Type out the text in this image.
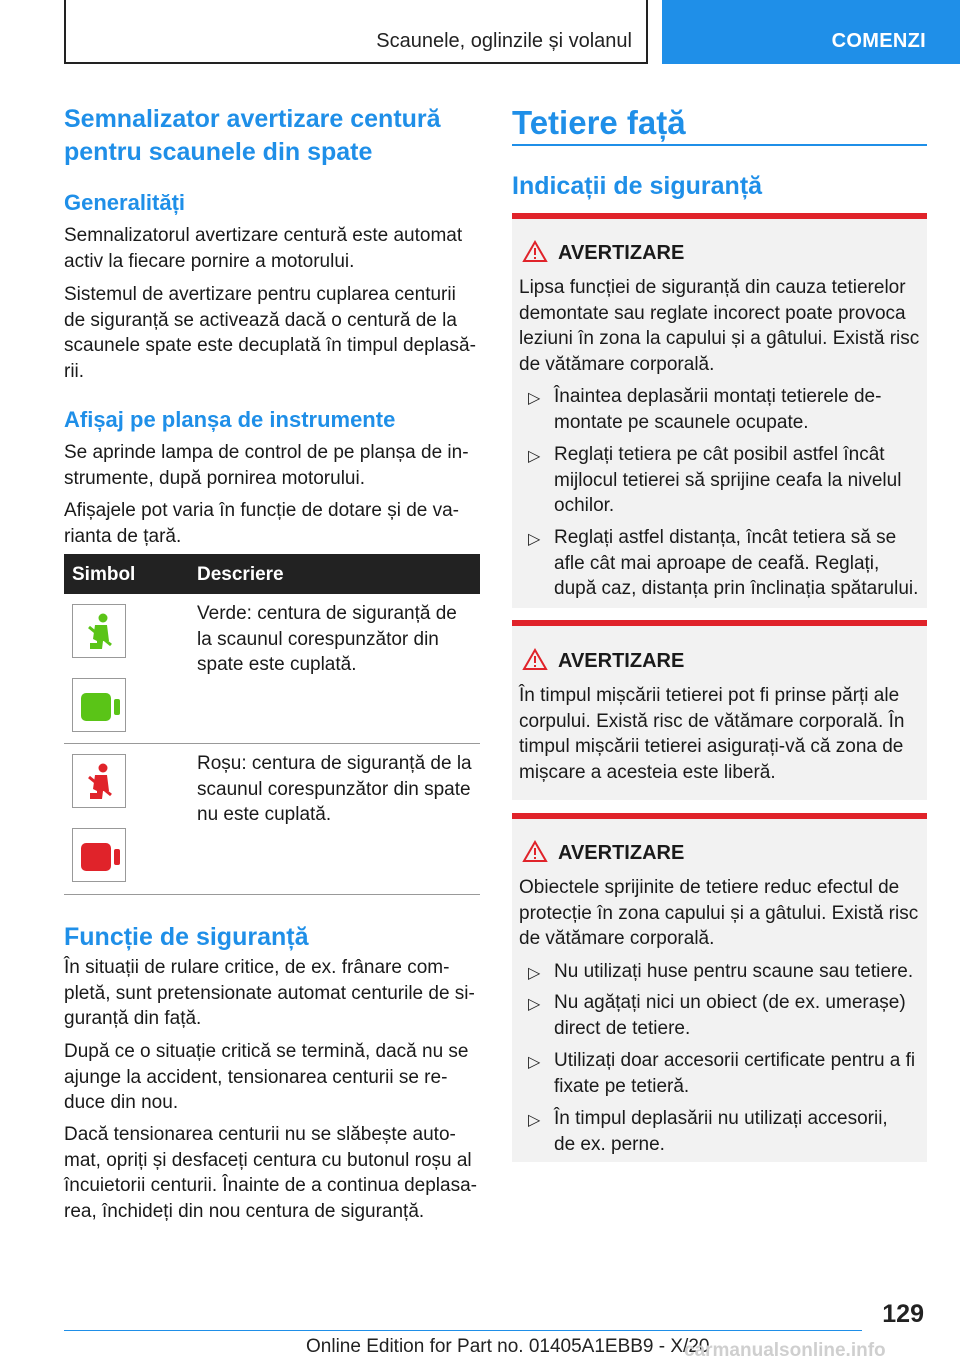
Scaunele, oglinzile și volanul	COMENZI
Semnalizator avertizare centură
pentru scaunele din spate
Generalități
Semnalizatorul avertizare centură este automat
activ la fiecare pornire a motorului.
Sistemul de avertizare pentru cuplarea centurii
de siguranță se activează dacă o centură de la
scaunele spate este decuplată în timpul deplasă-
rii.
Afișaj pe planșa de instrumente
Se aprinde lampa de control de pe planșa de in-
strumente, după pornirea motorului.
Afișajele pot varia în funcție de dotare și de va-
rianta de țară.
Simbol	Descriere
Verde: centura de siguranță de
la scaunul corespunzător din
spate este cuplată.
Roșu: centura de siguranță de la
scaunul corespunzător din spate
nu este cuplată.
Funcție de siguranță
În situații de rulare critice, de ex. frânare com-
pletă, sunt pretensionate automat centurile de si-
guranță din față.
După ce o situație critică se termină, dacă nu se
ajunge la accident, tensionarea centurii se re-
duce din nou.
Dacă tensionarea centurii nu se slăbește auto-
mat, opriți și desfaceți centura cu butonul roșu al
încuietorii centurii. Înainte de a continua deplasa-
rea, închideți din nou centura de siguranță.
Tetiere față
Indicații de siguranță
AVERTIZARE
Lipsa funcției de siguranță din cauza tetierelor
demontate sau reglate incorect poate provoca
leziuni în zona la capului și a gâtului. Există risc
de vătămare corporală.
▷ Înaintea deplasării montați tetierele de-
montate pe scaunele ocupate.
▷ Reglați tetiera pe cât posibil astfel încât
mijlocul tetierei să sprijine ceafa la nivelul
ochilor.
▷ Reglați astfel distanța, încât tetiera să se
afle cât mai aproape de ceafă. Reglați,
după caz, distanța prin înclinația spătarului.
AVERTIZARE
În timpul mișcării tetierei pot fi prinse părți ale
corpului. Există risc de vătămare corporală. În
timpul mișcării tetierei asigurați-vă că zona de
mișcare a acesteia este liberă.
AVERTIZARE
Obiectele sprijinite de tetiere reduc efectul de
protecție în zona capului și a gâtului. Există risc
de vătămare corporală.
▷ Nu utilizați huse pentru scaune sau tetiere.
▷ Nu agățați nici un obiect (de ex. umerașe)
direct de tetiere.
▷ Utilizați doar accesorii certificate pentru a fi
fixate pe tetieră.
▷ În timpul deplasării nu utilizați accesorii,
de ex. perne.
129
Online Edition for Part no. 01405A1EBB9 - X/20
carmanualsonline.info
